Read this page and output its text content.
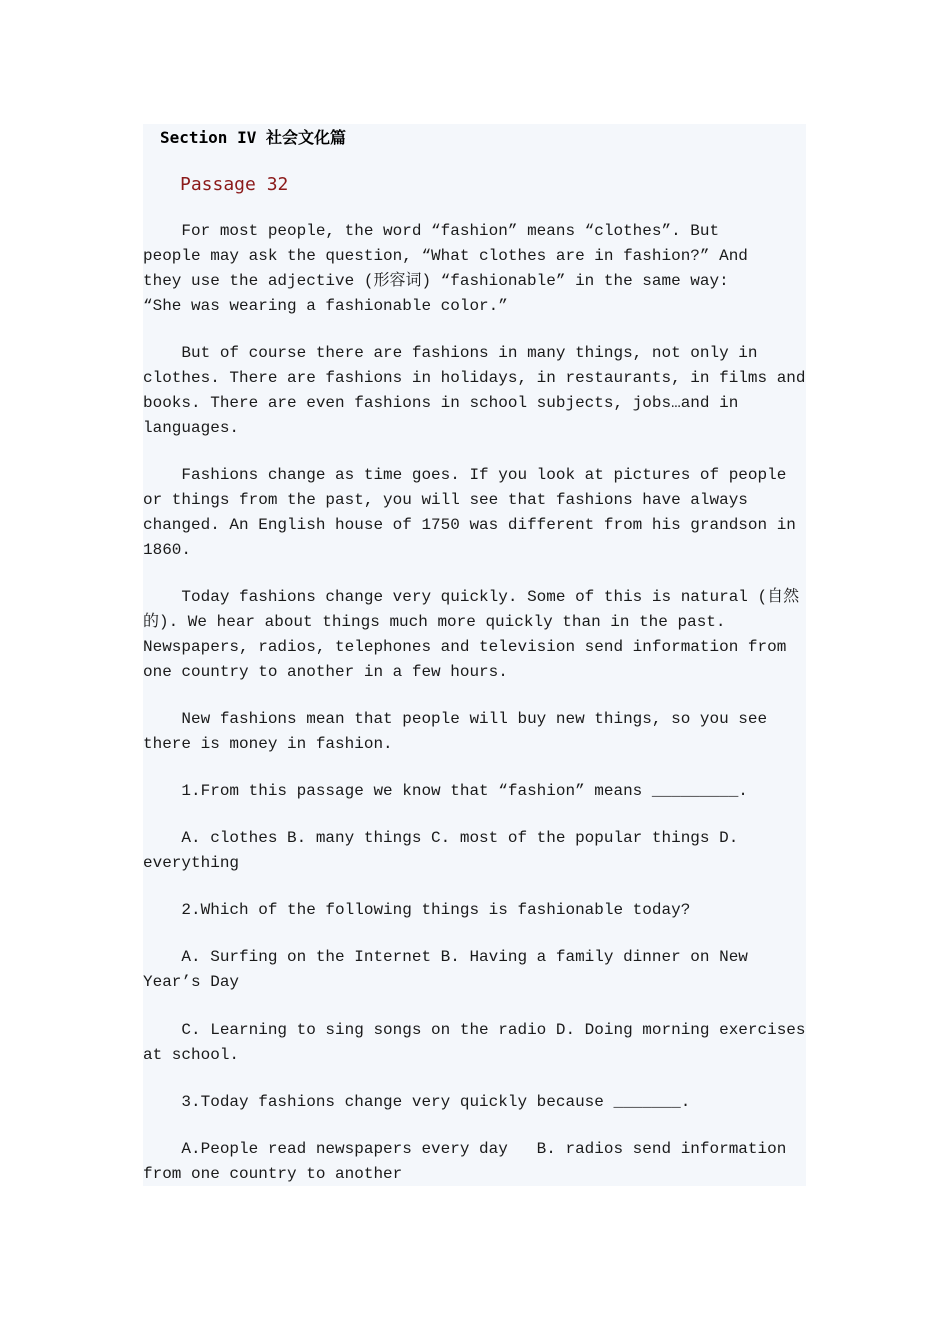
Section IV 社会文化篇
Passage 32
For most people, the word “fashion” means “clothes”. But
people may ask the question, “What clothes are in fashion?” And
they use the adjective (形容词) “fashionable” in the same way:
“She was wearing a fashionable color.”
But of course there are fashions in many things, not only in
clothes. There are fashions in holidays, in restaurants, in films and
books. There are even fashions in school subjects, jobs…and in
languages.
Fashions change as time goes. If you look at pictures of people
or things from the past, you will see that fashions have always
changed. An English house of 1750 was different from his grandson in
1860.
Today fashions change very quickly. Some of this is natural (自然
的). We hear about things much more quickly than in the past.
Newspapers, radios, telephones and television send information from
one country to another in a few hours.
New fashions mean that people will buy new things, so you see
there is money in fashion.
1.From this passage we know that “fashion” means _________.
A. clothes B. many things C. most of the popular things D.
everything
2.Which of the following things is fashionable today?
A. Surfing on the Internet B. Having a family dinner on New
Year’s Day
C. Learning to sing songs on the radio D. Doing morning exercises
at school.
3.Today fashions change very quickly because _______.
A.People read newspapers every day   B. radios send information
from one country to another
